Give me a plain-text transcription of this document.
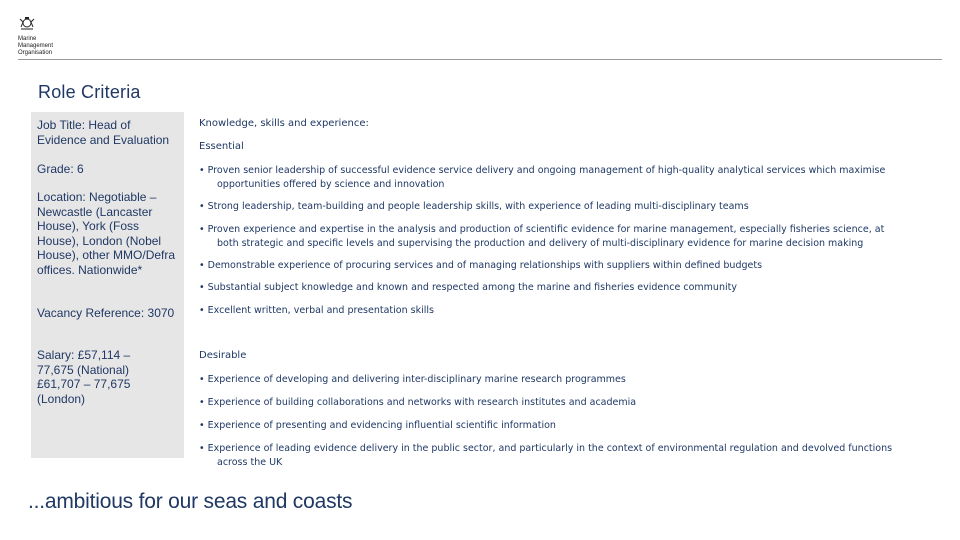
Marine
Management
Organisation
Role Criteria
Job Title: Head of Evidence and Evaluation
Grade: 6
Location: Negotiable – Newcastle (Lancaster House), York (Foss House), London (Nobel House), other MMO/Defra offices. Nationwide*
Vacancy Reference: 3070
Salary: £57,114 – 77,675 (National) £61,707 – 77,675 (London)
Knowledge, skills and experience:
Essential
• Proven senior leadership of successful evidence service delivery and ongoing management of high-quality analytical services which maximise opportunities offered by science and innovation
• Strong leadership, team-building and people leadership skills, with experience of leading multi-disciplinary teams
• Proven experience and expertise in the analysis and production of scientific evidence for marine management, especially fisheries science, at both strategic and specific levels and supervising the production and delivery of multi-disciplinary evidence for marine decision making
• Demonstrable experience of procuring services and of managing relationships with suppliers within defined budgets
• Substantial subject knowledge and known and respected among the marine and fisheries evidence community
• Excellent written, verbal and presentation skills
Desirable
• Experience of developing and delivering inter-disciplinary marine research programmes
• Experience of building collaborations and networks with research institutes and academia
• Experience of presenting and evidencing influential scientific information
• Experience of leading evidence delivery in the public sector, and particularly in the context of environmental regulation and devolved functions across the UK
...ambitious for our seas and coasts
